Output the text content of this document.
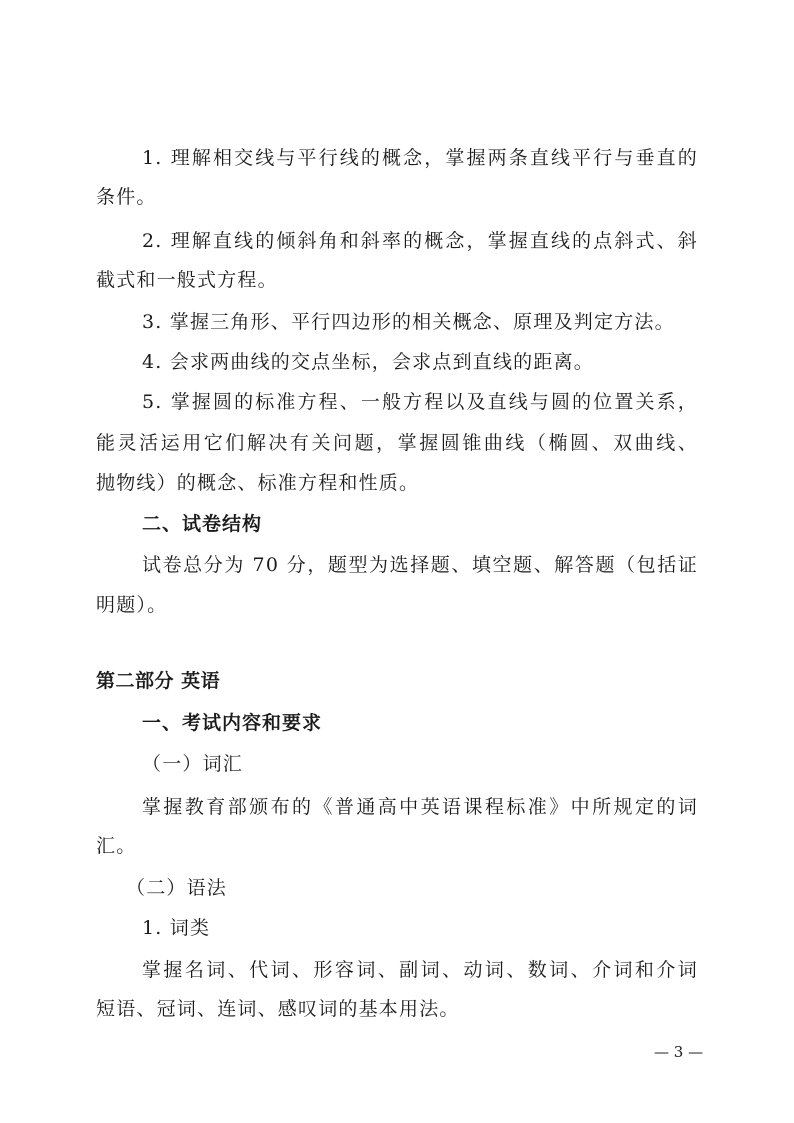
1. 理解相交线与平行线的概念，掌握两条直线平行与垂直的
条件。
2. 理解直线的倾斜角和斜率的概念，掌握直线的点斜式、斜
截式和一般式方程。
3. 掌握三角形、平行四边形的相关概念、原理及判定方法。
4. 会求两曲线的交点坐标，会求点到直线的距离。
5. 掌握圆的标准方程、一般方程以及直线与圆的位置关系，
能灵活运用它们解决有关问题，掌握圆锥曲线（椭圆、双曲线、
抛物线）的概念、标准方程和性质。
二、试卷结构
试卷总分为 70 分，题型为选择题、填空题、解答题（包括证
明题）。
第二部分 英语
一、考试内容和要求
（一）词汇
掌握教育部颁布的《普通高中英语课程标准》中所规定的词
汇。
（二）语法
1. 词类
掌握名词、代词、形容词、副词、动词、数词、介词和介词
短语、冠词、连词、感叹词的基本用法。
— 3 —
